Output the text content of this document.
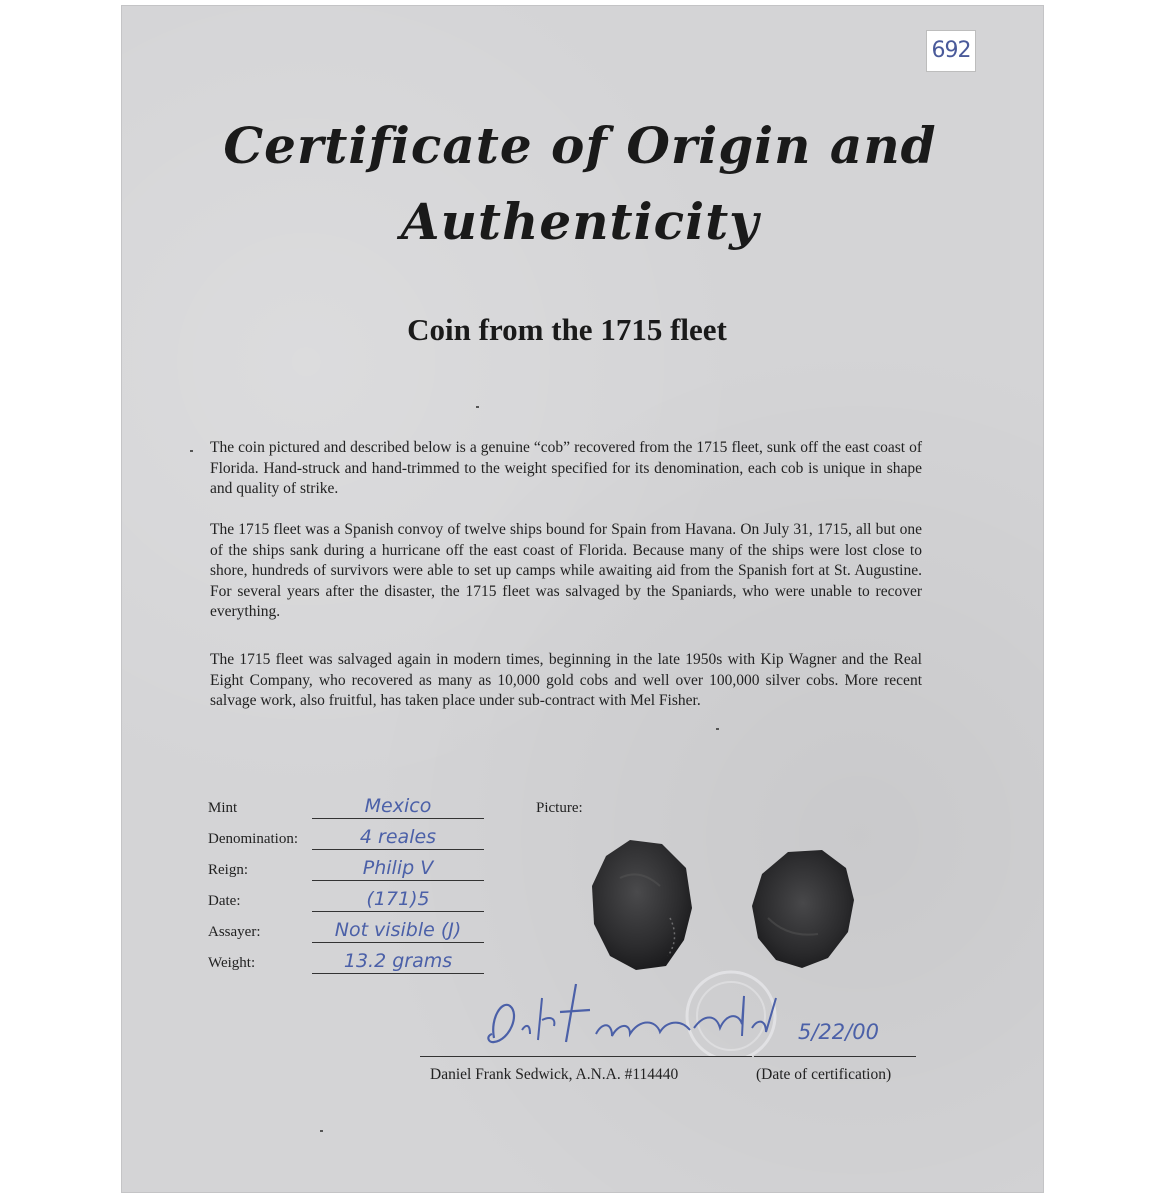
692
Certificate of Origin and
Authenticity
Coin from the 1715 fleet

The coin pictured and described below is a genuine “cob” recovered from the 1715 fleet, sunk off the east coast of Florida. Hand-struck and hand-trimmed to the weight specified for its denomination, each cob is unique in shape and quality of strike.

The 1715 fleet was a Spanish convoy of twelve ships bound for Spain from Havana. On July 31, 1715, all but one of the ships sank during a hurricane off the east coast of Florida. Because many of the ships were lost close to shore, hundreds of survivors were able to set up camps while awaiting aid from the Spanish fort at St. Augustine. For several years after the disaster, the 1715 fleet was salvaged by the Spaniards, who were unable to recover everything.

The 1715 fleet was salvaged again in modern times, beginning in the late 1950s with Kip Wagner and the Real Eight Company, who recovered as many as 10,000 gold cobs and well over 100,000 silver cobs. More recent salvage work, also fruitful, has taken place under sub-contract with Mel Fisher.

Mint	Mexico
Denomination:	4 reales
Reign:	Philip V
Date:	(171)5
Assayer:	Not visible (J)
Weight:	13.2 grams
Picture:
5/22/00
Daniel Frank Sedwick, A.N.A. #114440	(Date of certification)
